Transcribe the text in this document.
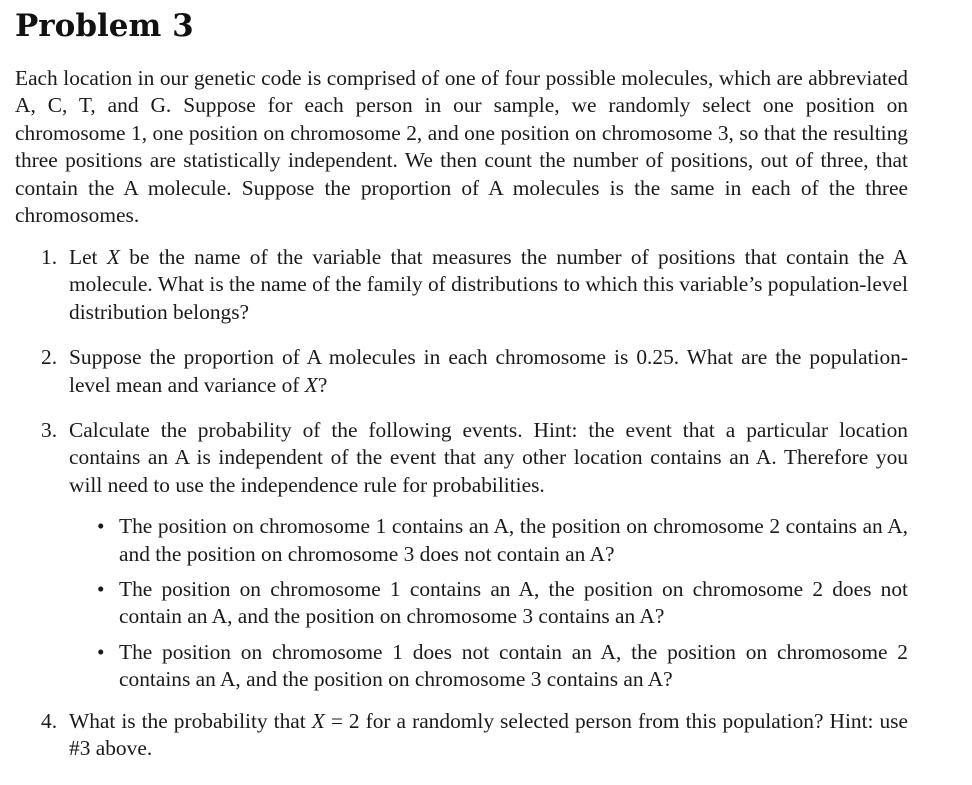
Problem 3

Each location in our genetic code is comprised of one of four possible molecules, which are abbreviated A, C, T, and G. Suppose for each person in our sample, we randomly select one position on chromosome 1, one position on chromosome 2, and one position on chromosome 3, so that the resulting three positions are statistically independent. We then count the number of positions, out of three, that contain the A molecule. Suppose the proportion of A molecules is the same in each of the three chromosomes.

1. Let X be the name of the variable that measures the number of positions that contain the A molecule. What is the name of the family of distributions to which this variable’s population-level distribution belongs?
2. Suppose the proportion of A molecules in each chromosome is 0.25. What are the population-level mean and variance of X?
3. Calculate the probability of the following events. Hint: the event that a particular location contains an A is independent of the event that any other location contains an A. Therefore you will need to use the independence rule for probabilities.
• The position on chromosome 1 contains an A, the position on chromosome 2 contains an A, and the position on chromosome 3 does not contain an A?
• The position on chromosome 1 contains an A, the position on chromosome 2 does not contain an A, and the position on chromosome 3 contains an A?
• The position on chromosome 1 does not contain an A, the position on chromosome 2 contains an A, and the position on chromosome 3 contains an A?
4. What is the probability that X = 2 for a randomly selected person from this population? Hint: use #3 above.
